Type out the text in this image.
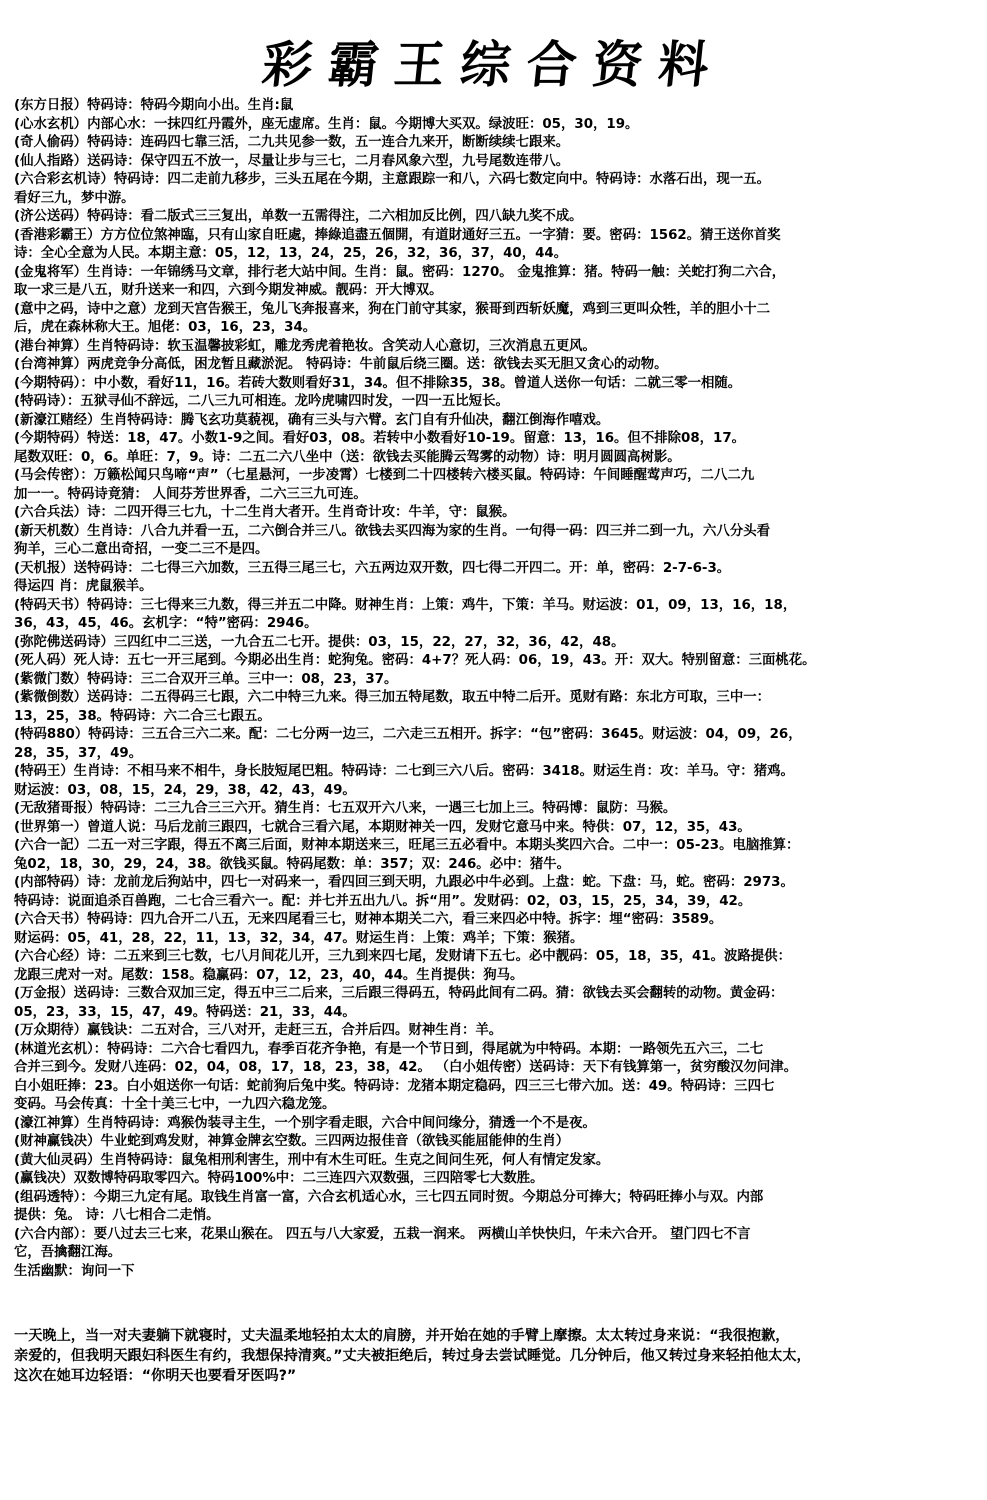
彩霸王综合资料
(东方日报）特码诗：特码今期向小出。生肖:鼠
(心水玄机）内部心水：一抹四红丹霞外，座无虚席。生肖：鼠。今期博大买双。绿波旺：05，30，19。
(奇人偷码）特码诗：连码四七靠三活，二九共见参一数，五一连合九来开，断断续续七跟来。
(仙人指路）送码诗：保守四五不放一，尽量让步与三七，二月春风象六型，九号尾数连带八。
(六合彩玄机诗）特码诗：四二走前九移步，三头五尾在今期，主意跟踪一和八，六码七数定向中。特码诗：水落石出，现一五。
看好三九，梦中游。
(济公送码）特码诗：看二版式三三复出，单数一五需得注，二六相加反比例，四八缺九奖不成。
(香港彩霸王）方方位位煞神臨，只有山家自旺處，捧綠追盡五個開，有道財通好三五。一字猜：要。密码：1562。猜王送你首奖
诗：全心全意为人民。本期主意：05，12，13，24，25，26，32，36，37，40，44。
(金鬼将军）生肖诗：一年锦绣马文章，排行老大站中间。生肖：鼠。密码：1270。 金鬼推算：猪。特码一触：关蛇打狗二六合，
取一求三是八五，财升送来一和四，六到今期发神威。靓码：开大博双。
(意中之码，诗中之意）龙到天宫告猴王，兔儿飞奔报喜来，狗在门前守其家，猴哥到西斩妖魔，鸡到三更叫众牲，羊的胆小十二
后，虎在森林称大王。旭佬：03，16，23，34。
(港台神算）生肖特码诗：软玉温馨披彩虹，雕龙秀虎着艳妆。含笑动人心意切，三次消息五更风。
(台湾神算）两虎竞争分高低，困龙暂且藏淤泥。 特码诗：牛前鼠后绕三圈。送：欲钱去买无胆又贪心的动物。
(今期特码）：中小数，看好11，16。若砖大数则看好31，34。但不排除35，38。曾道人送你一句话：二就三零一相随。
(特码诗）：五狱寻仙不辞远，二八三九可相连。龙吟虎啸四时发，一四一五比短长。
(新濠江赌经）生肖特码诗：腾飞玄功莫藐视，确有三头与六臂。玄门自有升仙决，翻江倒海作嘻戏。
(今期特码）特送：18，47。小数1-9之间。看好03，08。若转中小数看好10-19。留意：13，16。但不排除08，17。
尾数双旺：0，6。单旺：7，9。诗：二五二六八坐中（送：欲钱去买能腾云驾雾的动物）诗：明月圆圆高树影。
(马会传密）：万籁松闻只鸟啼“声”（七星悬河，一步凌霄）七楼到二十四楼转六楼买鼠。特码诗：午间睡醒莺声巧，二八二九
加一一。特码诗竟猜： 人间芬芳世界香，二六三三九可连。
(六合兵法）诗：二四开得三七九，十二生肖大者开。生肖奇计攻：牛羊，守：鼠猴。
(新天机数）生肖诗：八合九并看一五，二六倒合并三八。欲钱去买四海为家的生肖。一句得一码：四三并二到一九，六八分头看
狗羊，三心二意出奇招，一变二三不是四。
(天机报）送特码诗：二七得三六加数，三五得三尾三七，六五两边双开数，四七得二开四二。开：单，密码：2-7-6-3。
得运四 肖：虎鼠猴羊。
(特码天书）特码诗：三七得来三九数，得三并五二中降。财神生肖：上策：鸡牛，下策：羊马。财运波：01，09，13，16，18，
36，43，45，46。玄机字：“特”密码：2946。
(弥陀佛送码诗）三四红中二三送，一九合五二七开。提供：03，15，22，27，32，36，42，48。
(死人码）死人诗：五七一开三尾到。今期必出生肖：蛇狗兔。密码：4+7？死人码：06，19，43。开：双大。特别留意：三面桃花。
(紫微门数）特码诗：三二合双开三单。三中一：08，23，37。
(紫微倒数）送码诗：二五得码三七跟，六二中特三九来。得三加五特尾数，取五中特二后开。觅财有路：东北方可取，三中一：
13，25，38。特码诗：六二合三七跟五。
(特码880）特码诗：三五合三六二来。配：二七分两一边三，二六走三五相开。拆字：“包”密码：3645。财运波：04，09，26，
28，35，37，49。
(特码王）生肖诗：不相马来不相牛，身长肢短尾巴粗。特码诗：二七到三六八后。密码：3418。财运生肖：攻：羊马。守：猪鸡。
财运波：03，08，15，24，29，38，42，43，49。
(无敌猪哥报）特码诗：二三九合三三六开。猜生肖：七五双开六八来，一遇三七加上三。特码博：鼠防：马猴。
(世界第一）曾道人说：马后龙前三跟四，七就合三看六尾，本期财神关一四，发财它意马中来。特供：07，12，35，43。
(六合一記）二五一对三字跟，得五不离三后面，财神本期送来三，旺尾三五必看中。本期头奖四六合。二中一：05-23。电脑推算：
兔02，18，30，29，24，38。欲钱买鼠。特码尾数：单：357；双：246。必中：猪牛。
(内部特码）诗：龙前龙后狗站中，四七一对码来一，看四回三到天明，九跟必中牛必到。上盘：蛇。下盘：马，蛇。密码：2973。
特码诗：说面追杀百兽跑，二七合三看六一。配：并七并五出九八。拆“用”。发财码：02，03，15，25，34，39，42。
(六合天书）特码诗：四九合开二八五，无来四尾看三七，财神本期关二六，看三来四必中特。拆字：埋“密码：3589。
财运码：05，41，28，22，11，13，32，34，47。财运生肖：上策：鸡羊；下策：猴猪。
(六合心经）诗：二五来到三七数，七八月间花儿开，三九到来四七尾，发财请下五七。必中靓码：05，18，35，41。波路提供：
龙跟三虎对一对。尾数：158。稳赢码：07，12，23，40，44。生肖提供：狗马。
(万金报）送码诗：三数合双加三定，得五中三二后来，三后跟三得码五，特码此间有二码。猜：欲钱去买会翻转的动物。黄金码：
05，23，33，15，47，49。特码送：21，33，44。
(万众期待）赢钱诀：二五对合，三八对开，走赶三五，合并后四。财神生肖：羊。
(林道光玄机）：特码诗：二六合七看四九，春季百花齐争艳，有是一个节日到，得尾就为中特码。本期：一路领先五六三，二七
合并三到今。发财八连码：02，04，08，17，18，23，38，42。 （白小姐传密）送码诗：天下有钱算第一，贫穷酸汉勿问津。
白小姐旺捧：23。白小姐送你一句话：蛇前狗后兔中奖。特码诗：龙猪本期定稳码，四三三七带六加。送：49。特码诗：三四七
变码。马会传真：十全十美三七中，一九四六稳龙笼。
(濠江神算）生肖特码诗：鸡猴伪装寻主生，一个别字看走眼，六合中间问缘分，猜透一个不是夜。
(财神赢钱决）牛业蛇到鸡发财，神算金牌玄空数。三四两边报佳音（欲钱买能屈能伸的生肖）
(黄大仙灵码）生肖特码诗：鼠兔相刑利害生，刑中有木生可旺。生克之间问生死，何人有情定发家。
(赢钱决）双数博特码取零四六。特码100%中：二三连四六双数强，三四陪零七大数胜。
(组码透特）：今期三九定有尾。取钱生肖富一富，六合玄机适心水，三七四五同时贺。今期总分可捧大；特码旺捧小与双。内部
提供：兔。 诗：八七相合二走悄。
(六合内部）：要八过去三七来，花果山猴在。 四五与八大家爱，五栽一润来。 两横山羊快快归，午未六合开。 望门四七不言
它，吾擒翻江海。
生活幽默：询问一下
一天晚上，当一对夫妻躺下就寝时，丈夫温柔地轻拍太太的肩膀，并开始在她的手臂上摩擦。太太转过身来说：“我很抱歉，
亲爱的，但我明天跟妇科医生有约，我想保持清爽。”丈夫被拒绝后，转过身去尝试睡觉。几分钟后，他又转过身来轻拍他太太，
这次在她耳边轻语：“你明天也要看牙医吗?”
